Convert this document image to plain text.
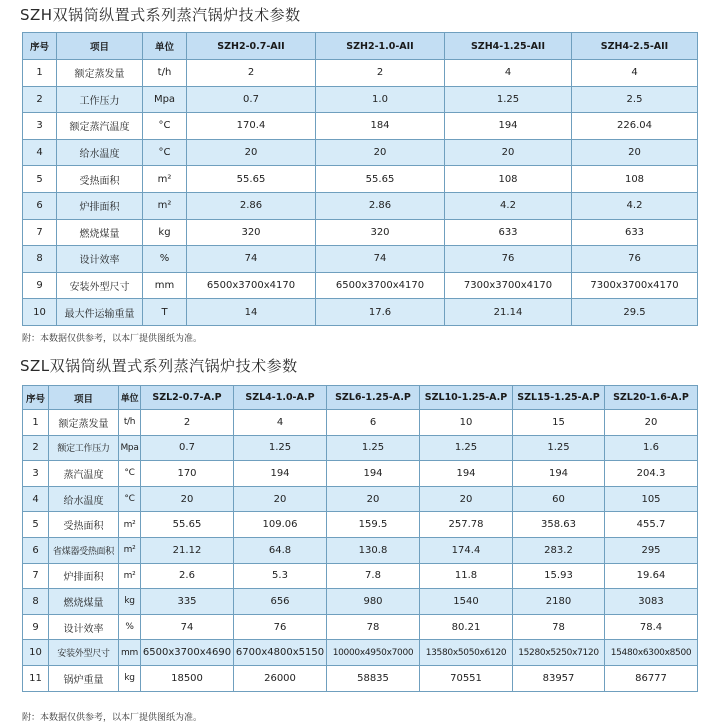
SZH双锅筒纵置式系列蒸汽锅炉技术参数
序号	项目	单位	SZH2-0.7-AII	SZH2-1.0-AII	SZH4-1.25-AII	SZH4-2.5-AII
1	额定蒸发量	t/h	2	2	4	4
2	工作压力	Mpa	0.7	1.0	1.25	2.5
3	额定蒸汽温度	°C	170.4	184	194	226.04
4	给水温度	°C	20	20	20	20
5	受热面积	m²	55.65	55.65	108	108
6	炉排面积	m²	2.86	2.86	4.2	4.2
7	燃烧煤量	kg	320	320	633	633
8	设计效率	%	74	74	76	76
9	安装外型尺寸	mm	6500x3700x4170	6500x3700x4170	7300x3700x4170	7300x3700x4170
10	最大件运输重量	T	14	17.6	21.14	29.5
附：本数据仅供参考，以本厂提供图纸为准。
SZL双锅筒纵置式系列蒸汽锅炉技术参数
序号	项目	单位	SZL2-0.7-A.P	SZL4-1.0-A.P	SZL6-1.25-A.P	SZL10-1.25-A.P	SZL15-1.25-A.P	SZL20-1.6-A.P
1	额定蒸发量	t/h	2	4	6	10	15	20
2	额定工作压力	Mpa	0.7	1.25	1.25	1.25	1.25	1.6
3	蒸汽温度	°C	170	194	194	194	194	204.3
4	给水温度	°C	20	20	20	20	60	105
5	受热面积	m²	55.65	109.06	159.5	257.78	358.63	455.7
6	省煤器受热面积	m²	21.12	64.8	130.8	174.4	283.2	295
7	炉排面积	m²	2.6	5.3	7.8	11.8	15.93	19.64
8	燃烧煤量	kg	335	656	980	1540	2180	3083
9	设计效率	%	74	76	78	80.21	78	78.4
10	安装外型尺寸	mm	6500x3700x4690	6700x4800x5150	10000x4950x7000	13580x5050x6120	15280x5250x7120	15480x6300x8500
11	锅炉重量	kg	18500	26000	58835	70551	83957	86777
附：本数据仅供参考，以本厂提供图纸为准。
